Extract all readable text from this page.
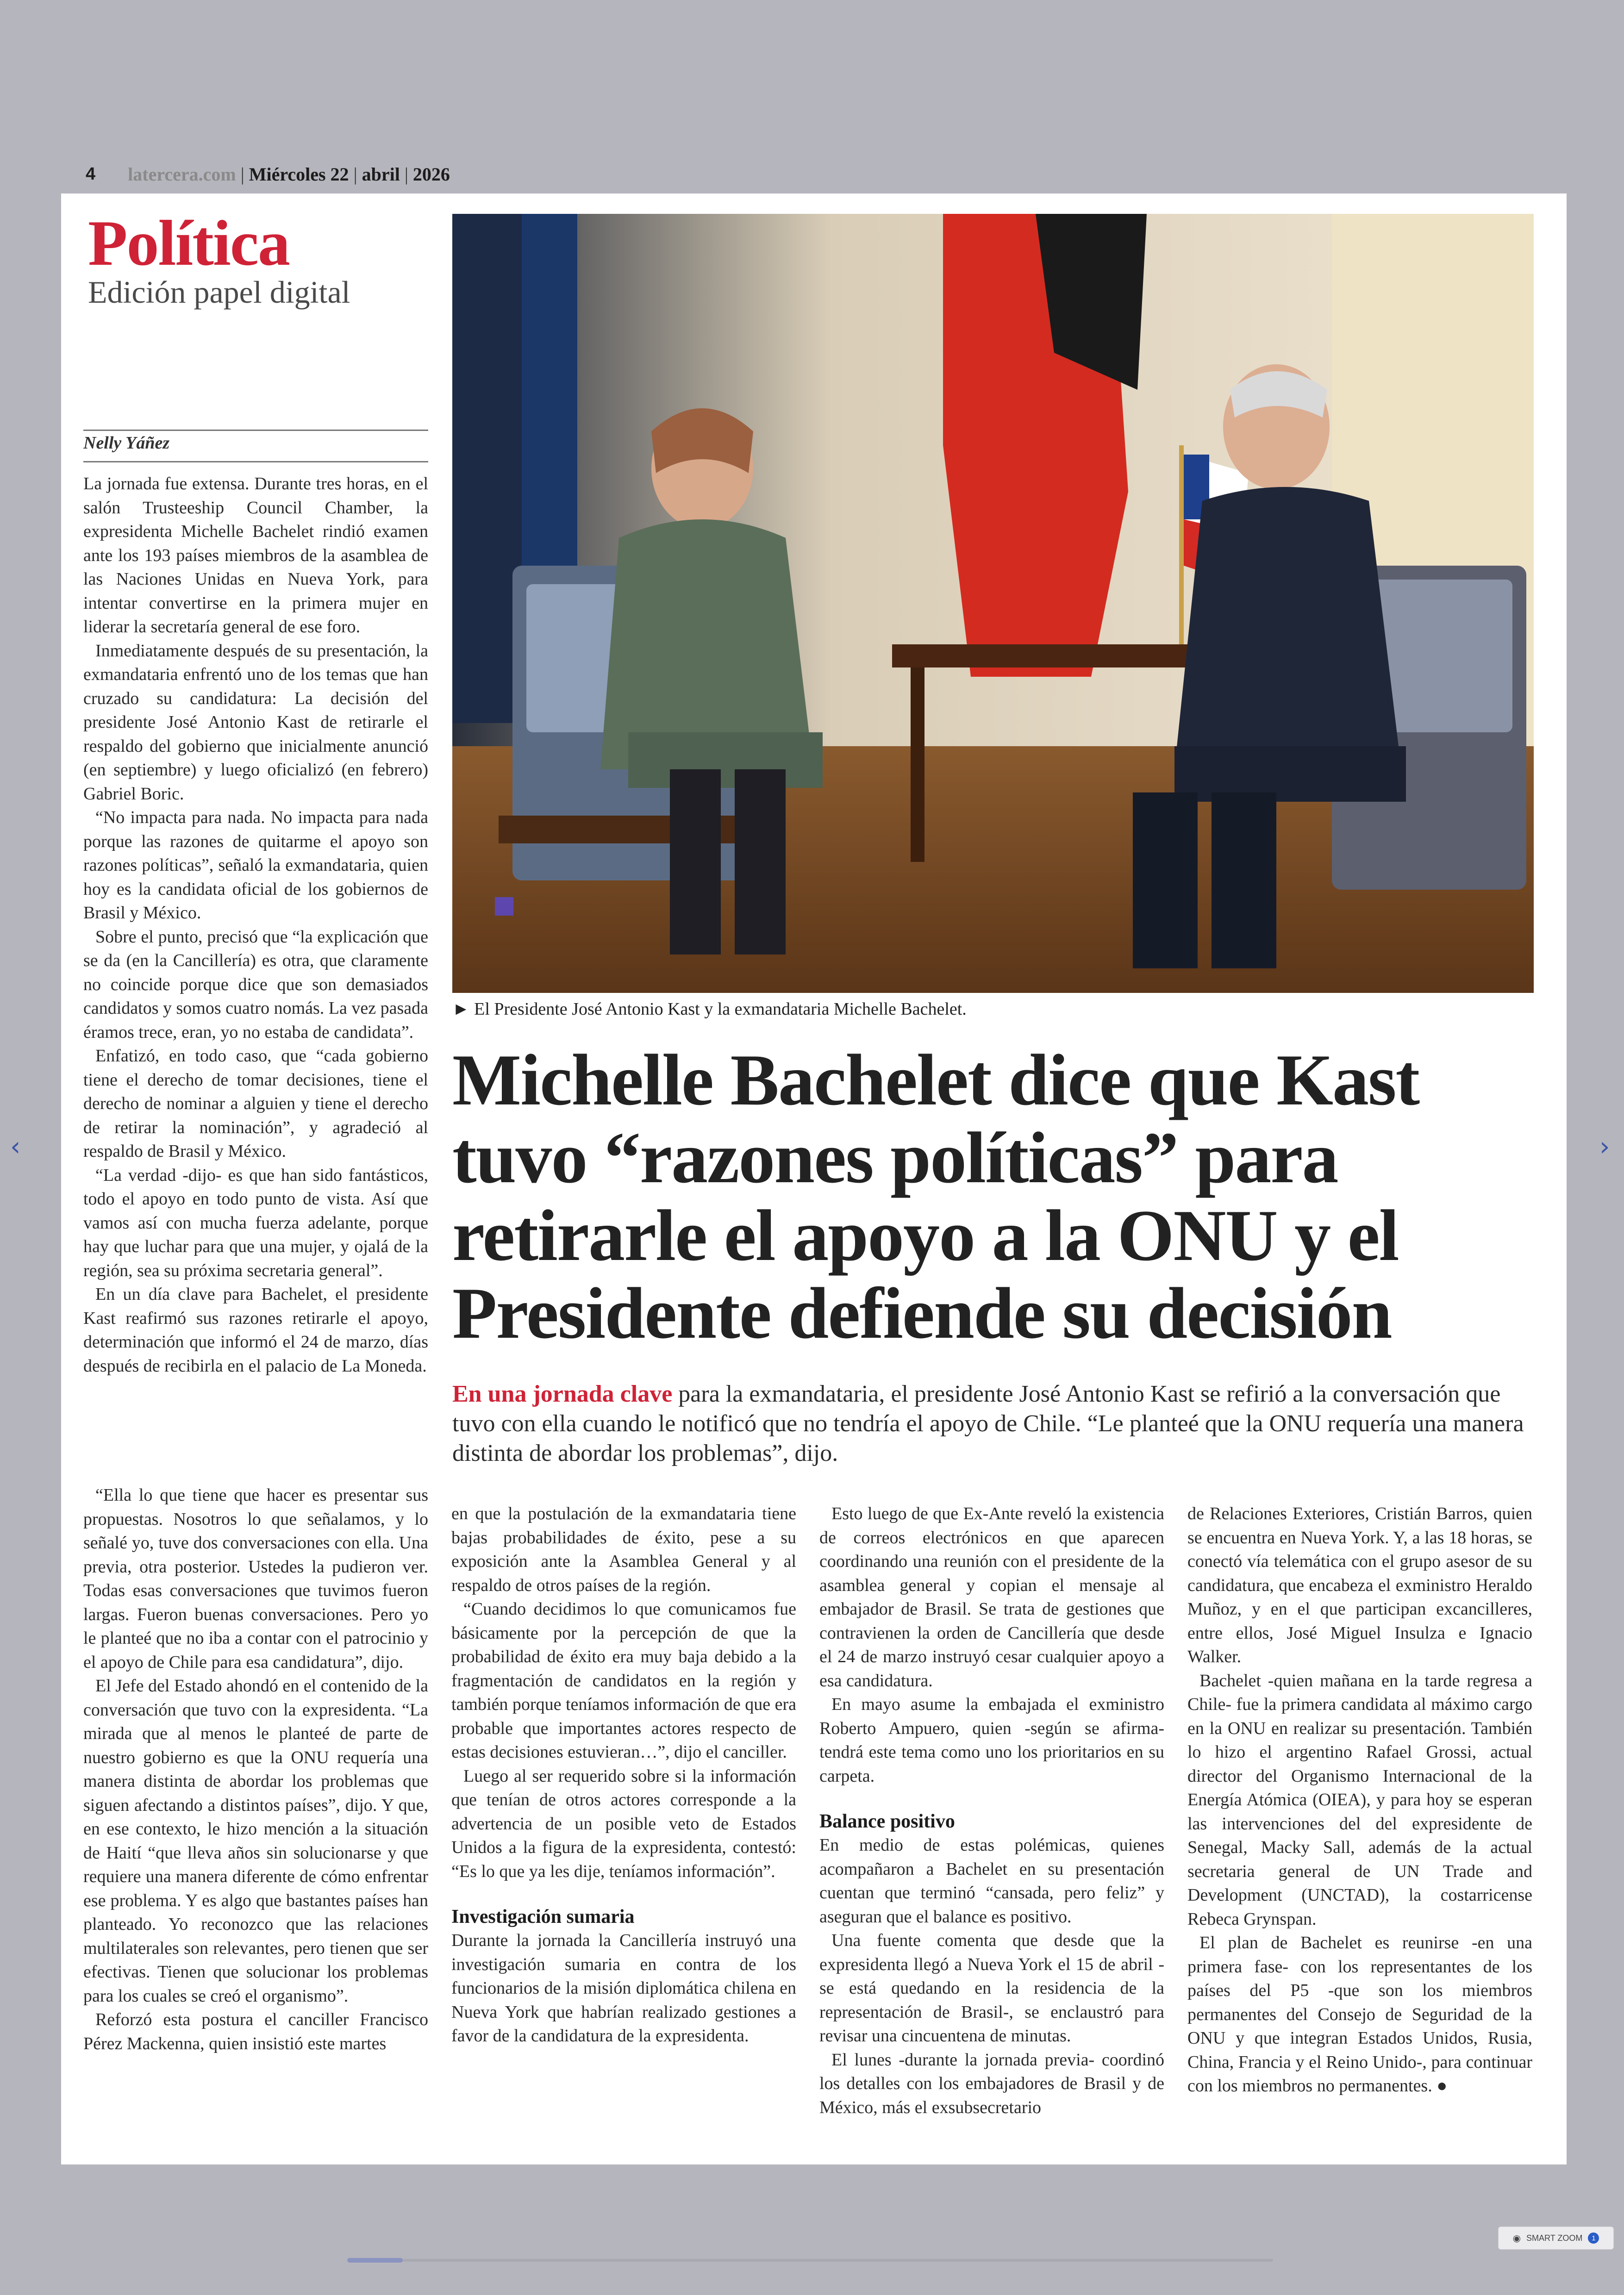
4 latercera.com | Miércoles 22 | abril | 2026
Política
Edición papel digital
Nelly Yáñez

La jornada fue extensa. Durante tres horas, en el salón Trusteeship Council Chamber, la expresidenta Michelle Bachelet rindió examen ante los 193 países miembros de la asamblea de las Naciones Unidas en Nueva York, para intentar convertirse en la primera mujer en liderar la secretaría general de ese foro.

Inmediatamente después de su presentación, la exmandataria enfrentó uno de los temas que han cruzado su candidatura: La decisión del presidente José Antonio Kast de retirarle el respaldo del gobierno que inicialmente anunció (en septiembre) y luego oficializó (en febrero) Gabriel Boric.

“No impacta para nada. No impacta para nada porque las razones de quitarme el apoyo son razones políticas”, señaló la exmandataria, quien hoy es la candidata oficial de los gobiernos de Brasil y México.

Sobre el punto, precisó que “la explicación que se da (en la Cancillería) es otra, que claramente no coincide porque dice que son demasiados candidatos y somos cuatro nomás. La vez pasada éramos trece, eran, yo no estaba de candidata”.

Enfatizó, en todo caso, que “cada gobierno tiene el derecho de tomar decisiones, tiene el derecho de nominar a alguien y tiene el derecho de retirar la nominación”, y agradeció al respaldo de Brasil y México.

“La verdad -dijo- es que han sido fantásticos, todo el apoyo en todo punto de vista. Así que vamos así con mucha fuerza adelante, porque hay que luchar para que una mujer, y ojalá de la región, sea su próxima secretaria general”.

En un día clave para Bachelet, el presidente Kast reafirmó sus razones retirarle el apoyo, determinación que informó el 24 de marzo, días después de recibirla en el palacio de La Moneda.

► El Presidente José Antonio Kast y la exmandataria Michelle Bachelet.
Michelle Bachelet dice que Kast tuvo “razones políticas” para retirarle el apoyo a la ONU y el Presidente defiende su decisión
En una jornada clave para la exmandataria, el presidente José Antonio Kast se refirió a la conversación que tuvo con ella cuando le notificó que no tendría el apoyo de Chile. “Le planteé que la ONU requería una manera distinta de abordar los problemas”, dijo.

“Ella lo que tiene que hacer es presentar sus propuestas. Nosotros lo que señalamos, y lo señalé yo, tuve dos conversaciones con ella. Una previa, otra posterior. Ustedes la pudieron ver. Todas esas conversaciones que tuvimos fueron largas. Fueron buenas conversaciones. Pero yo le planteé que no iba a contar con el patrocinio y el apoyo de Chile para esa candidatura”, dijo.

El Jefe del Estado ahondó en el contenido de la conversación que tuvo con la expresidenta. “La mirada que al menos le planteé de parte de nuestro gobierno es que la ONU requería una manera distinta de abordar los problemas que siguen afectando a distintos países”, dijo. Y que, en ese contexto, le hizo mención a la situación de Haití “que lleva años sin solucionarse y que requiere una manera diferente de cómo enfrentar ese problema. Y es algo que bastantes países han planteado. Yo reconozco que las relaciones multilaterales son relevantes, pero tienen que ser efectivas. Tienen que solucionar los problemas para los cuales se creó el organismo”.

Reforzó esta postura el canciller Francisco Pérez Mackenna, quien insistió este martes

en que la postulación de la exmandataria tiene bajas probabilidades de éxito, pese a su exposición ante la Asamblea General y al respaldo de otros países de la región.

“Cuando decidimos lo que comunicamos fue básicamente por la percepción de que la probabilidad de éxito era muy baja debido a la fragmentación de candidatos en la región y también porque teníamos información de que era probable que importantes actores respecto de estas decisiones estuvieran…”, dijo el canciller.

Luego al ser requerido sobre si la información que tenían de otros actores corresponde a la advertencia de un posible veto de Estados Unidos a la figura de la expresidenta, contestó: “Es lo que ya les dije, teníamos información”.

Investigación sumaria

Durante la jornada la Cancillería instruyó una investigación sumaria en contra de los funcionarios de la misión diplomática chilena en Nueva York que habrían realizado gestiones a favor de la candidatura de la expresidenta.

Esto luego de que Ex-Ante reveló la existencia de correos electrónicos en que aparecen coordinando una reunión con el presidente de la asamblea general y copian el mensaje al embajador de Brasil. Se trata de gestiones que contravienen la orden de Cancillería que desde el 24 de marzo instruyó cesar cualquier apoyo a esa candidatura.

En mayo asume la embajada el exministro Roberto Ampuero, quien -según se afirma- tendrá este tema como uno los prioritarios en su carpeta.

Balance positivo

En medio de estas polémicas, quienes acompañaron a Bachelet en su presentación cuentan que terminó “cansada, pero feliz” y aseguran que el balance es positivo.

Una fuente comenta que desde que la expresidenta llegó a Nueva York el 15 de abril -se está quedando en la residencia de la representación de Brasil-, se enclaustró para revisar una cincuentena de minutas.

El lunes -durante la jornada previa- coordinó los detalles con los embajadores de Brasil y de México, más el exsubsecretario

de Relaciones Exteriores, Cristián Barros, quien se encuentra en Nueva York. Y, a las 18 horas, se conectó vía telemática con el grupo asesor de su candidatura, que encabeza el exministro Heraldo Muñoz, y en el que participan excancilleres, entre ellos, José Miguel Insulza e Ignacio Walker.

Bachelet -quien mañana en la tarde regresa a Chile- fue la primera candidata al máximo cargo en la ONU en realizar su presentación. También lo hizo el argentino Rafael Grossi, actual director del Organismo Internacional de la Energía Atómica (OIEA), y para hoy se esperan las intervenciones del del expresidente de Senegal, Macky Sall, además de la actual secretaria general de UN Trade and Development (UNCTAD), la costarricense Rebeca Grynspan.

El plan de Bachelet es reunirse -en una primera fase- con los representantes de los países del P5 -que son los miembros permanentes del Consejo de Seguridad de la ONU y que integran Estados Unidos, Rusia, China, Francia y el Reino Unido-, para continuar con los miembros no permanentes. ●

‹	›
◉ SMART ZOOM	1
